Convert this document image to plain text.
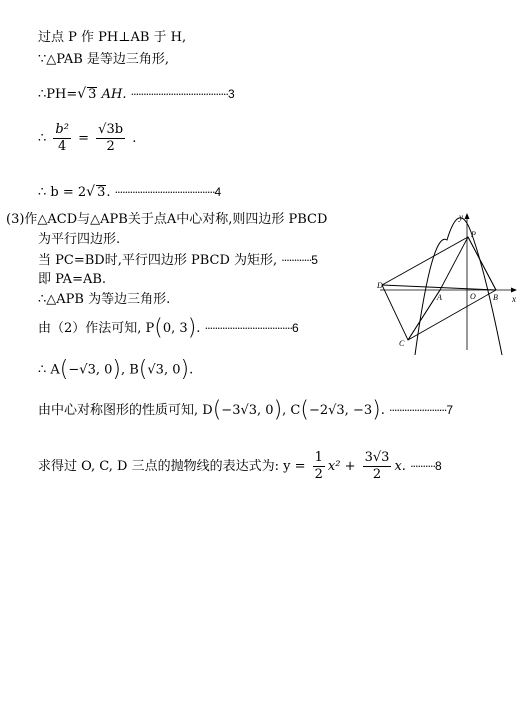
过点 P 作 PH⊥AB 于 H,
∵△PAB 是等边三角形,
∴PH=√ 3 AH. ·······································3
∴ $\frac{\text{b²}}{4} = \frac{√3b}{2}$ .
∴ b = 2√ 3. ········································4
(3)作△ACD与△APB关于点A中心对称,则四边形 PBCD
为平行四边形.
当 PC=BD时,平行四边形 PBCD 为矩形, ············5
即 PA=AB.
∴△APB 为等边三角形.
由（2）作法可知, P(0, 3). ···································6
∴ A(−√3, 0), B(√3, 0).
由中心对称图形的性质可知, D(−3√3, 0), C(−2√3, −3). ·······················7
求得过 O, C, D 三点的抛物线的表达式为: $y = \frac{1}{2} x^2 + \frac{3√3}{2} x$. ··········8
y
x
P
D
A	O B
C
